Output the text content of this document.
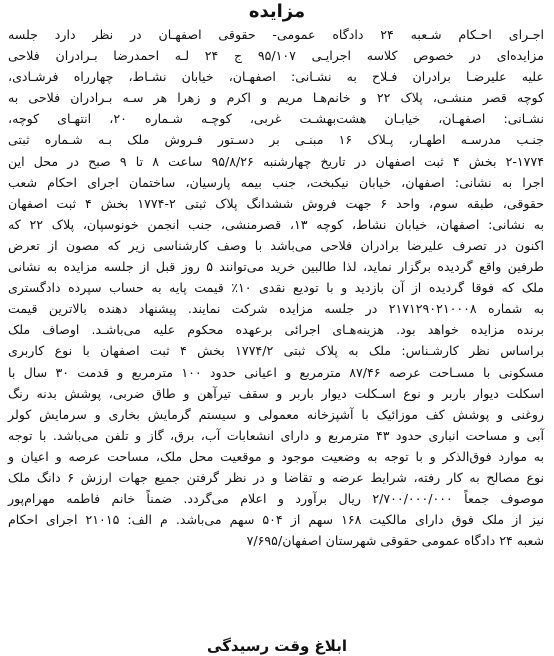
مزایده
اجـرای احـکام شـعبه ۲۴ دادگاه عمومی- حقوقی اصفهـان در نظر دارد جلسه
مزایده‌ای در خصوص کلاسه اجرایـی ۹۵/۱۰۷ ج ۲۴ لـه احمدرضا بـرادران فلاحی
علیه علیرضـا برادران فـلاح به نشـانی: اصفهـان، خیابان نشـاط، چهارراه فرشـادی،
کوچه قصر منشـی، پلاک ۲۲ و خانم‌هـا مریم و اکرم و زهرا هر سـه بـرادران فلاحی به
نشـانی: اصفهـان، خیابـان هشت‌بهشـت غربی، کوچـه شـماره ۲۰، انتهـای کوچه،
جنـب مدرسـه اطهـار، پـلاک ۱۶ مبنـی بر دسـتور فـروش ملک بـه شـماره ثبتی
۲-۱۷۷۴ بخش ۴ ثبت اصفهان در تاریخ چهارشنبه ۹۵/۸/۲۶ ساعت ۸ تا ۹ صبح در محل این
اجرا به نشانی: اصفهان، خیابان نیکبخت، جنب بیمه پارسیان، ساختمان اجرای احکام شعب
حقوقی، طبقه سوم، واحد ۶ جهت فروش ششدانگ پلاک ثبتی ۲-۱۷۷۴ بخش ۴ ثبت اصفهان
به نشانی: اصفهان، خیابان نشاط، کوچه ۱۳، قصرمنشی، جنب انجمن خونوسپان، پلاک ۲۲ که
اکنون در تصرف علیرضا برادران فلاحی می‌باشد با وصف کارشناسی زیر که مصون از تعرض
طرفین واقع گردیده برگزار نماید، لذا طالبین خرید می‌توانند ۵ روز قبل از جلسه مزایده به نشانی
ملک که فوقا گردیده از آن بازدید و با تودیع نقدی ۱۰٪ قیمت پایه به حساب سپرده دادگستری
به شماره ۲۱۷۱۲۹۰۲۱۰۰۰۸ در جلسه مزایده شرکت نمایند. پیشنهاد دهنده بالاترین قیمت
برنده مزایده خواهد بود. هزینه‌هـای اجرائی برعهده محکوم علیه می‌باشـد. اوصاف ملک
براساس نظر کارشـناس: ملک به پلاک ثبتی ۱۷۷۴/۲ بخش ۴ ثبت اصفهان با نوع کاربری
مسکونی با مسـاحت عرصه ۸۷/۴۶ مترمربع و اعیانی حدود ۱۰۰ مترمربع و قدمت ۳۰ سال با
اسکلت دیوار باربر و نوع اسـکلت دیوار باربر و سقف تیرآهن و طاق ضربی، پوشش بدنه رنگ
روغنی و پوشش کف موزائیک با آشپزخانه معمولی و سیستم گرمایش بخاری و سرمایش کولر
آبی و مساحت انباری حدود ۴۳ مترمربع و دارای انشعابات آب، برق، گاز و تلفن می‌باشد. با توجه
به موارد فوق‌الذکر و با توجه به وضعیت موجود و موقعیت محل ملک، مساحت عرصه و اعیان و
نوع مصالح به کار رفته، شرایط عرضه و تقاضا و در نظر گرفتن جمیع جهات ارزش ۶ دانگ ملک
موصوف جمعاً ۲/۷۰۰/۰۰۰/۰۰۰ ریال برآورد و اعلام می‌گردد. ضمناً خانم فاطمه مهرام‌پور
نیز از ملک فوق دارای مالکیت ۱۶۸ سهم از ۵۰۴ سهم می‌باشد. م الف: ۲۱۰۱۵ اجرای احکام
شعبه ۲۴ دادگاه عمومی حقوقی شهرستان اصفهان/۷/۶۹۵
ابلاغ وقت رسیدگی
